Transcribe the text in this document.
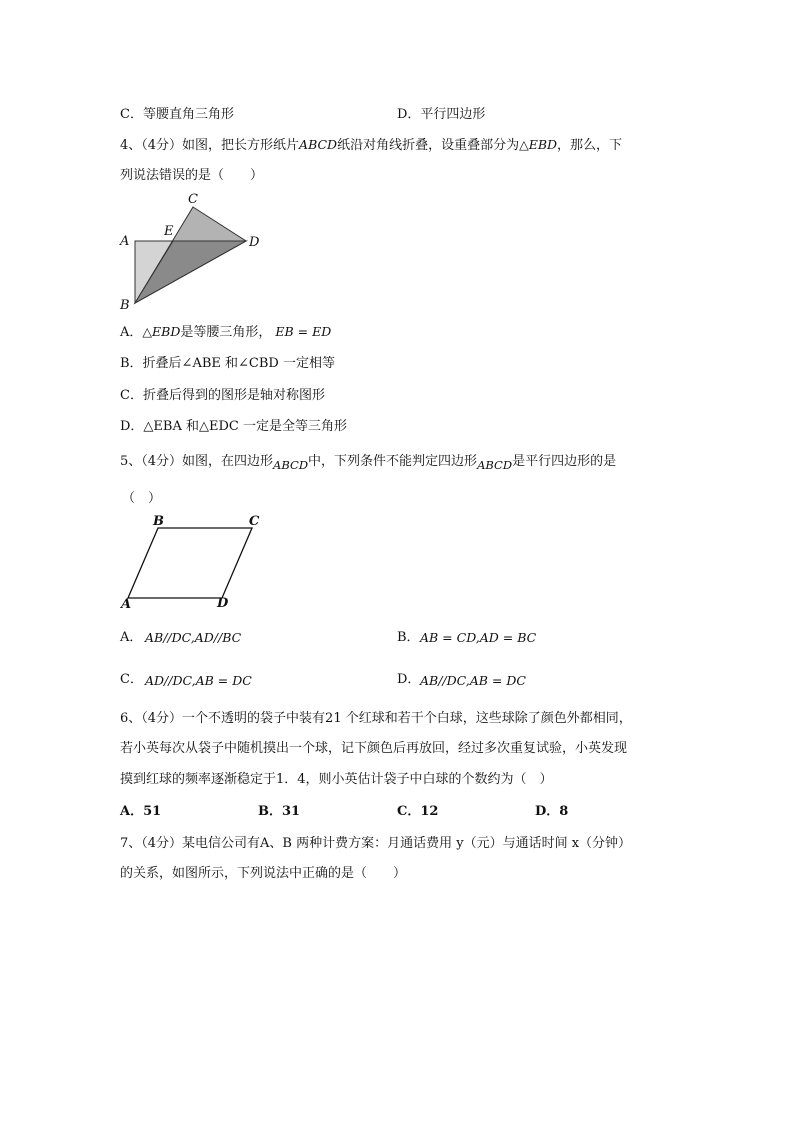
C．等腰直角三角形	D．平行四边形
4、（4分）如图，把长方形纸片ABCD纸沿对角线折叠，设重叠部分为△EBD，那么，下
列说法错误的是（　　）
C
E
A	D
B
A．△EBD是等腰三角形， EB = ED
B．折叠后∠ABE 和∠CBD 一定相等
C．折叠后得到的图形是轴对称图形
D．△EBA 和△EDC 一定是全等三角形
5、（4分）如图，在四边形ABCD中，下列条件不能判定四边形ABCD是平行四边形的是
（　）
B	C
A	D
A． AB//DC,AD//BC	B． AB = CD,AD = BC
C． AD//DC,AB = DC	D． AB//DC,AB = DC
6、（4分）一个不透明的袋子中装有21 个红球和若干个白球，这些球除了颜色外都相同，
若小英每次从袋子中随机摸出一个球，记下颜色后再放回，经过多次重复试验，小英发现
摸到红球的频率逐渐稳定于1．4，则小英估计袋子中白球的个数约为（　）
A．51	B．31	C．12	D．8
7、（4分）某电信公司有A、B 两种计费方案：月通话费用 y（元）与通话时间 x（分钟）
的关系，如图所示，下列说法中正确的是（　　）
